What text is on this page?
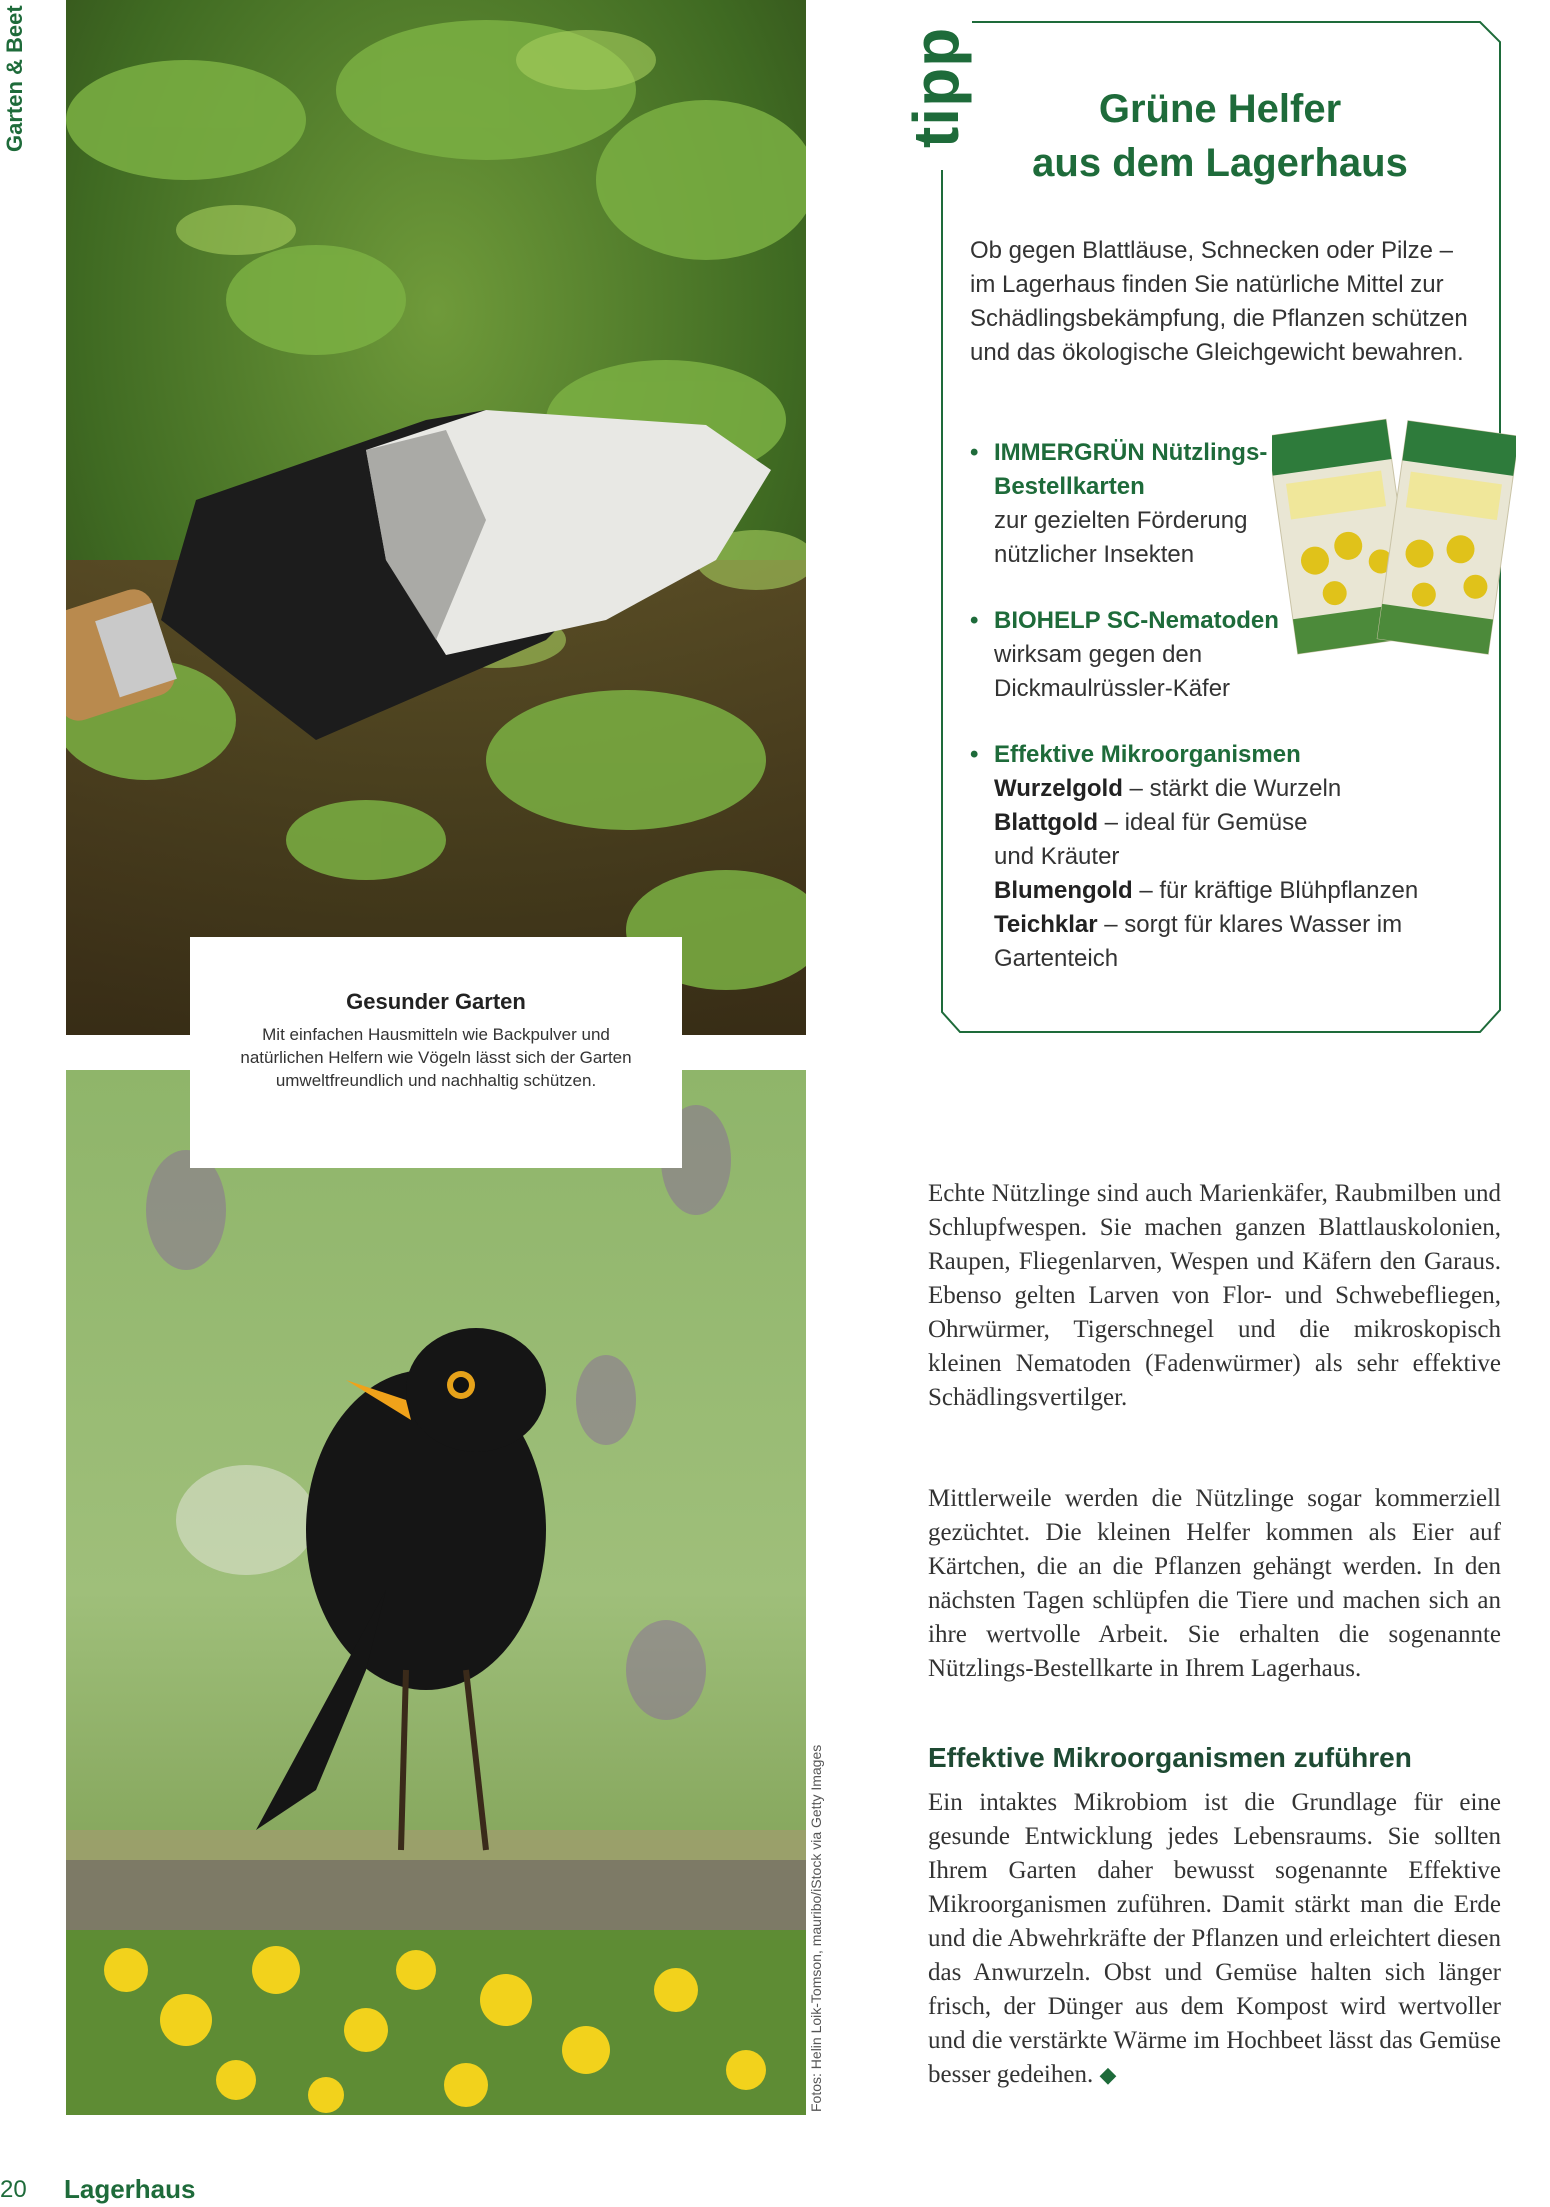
Garten & Beet
Gesunder Garten

Mit einfachen Hausmitteln wie Backpulver und natürlichen Helfern wie Vögeln lässt sich der Garten umweltfreundlich und nachhaltig schützen.

Fotos: Helin Loik-Tomson, mauribo/iStock via Getty Images
tipp	Grüne Helfer
aus dem Lagerhaus
Ob gegen Blattläuse, Schnecken oder Pilze – im Lagerhaus finden Sie natürliche Mittel zur Schädlingsbekämpfung, die Pflanzen schützen und das ökologische Gleichgewicht bewahren.
• IMMERGRÜN Nützlings-Bestellkarten
zur gezielten Förderung nützlicher Insekten
• BIOHELP SC-Nematoden
wirksam gegen den Dickmaulrüssler-Käfer
• Effektive Mikroorganismen
Wurzelgold – stärkt die Wurzeln
Blattgold – ideal für Gemüse und Kräuter
Blumengold – für kräftige Blühpflanzen
Teichklar – sorgt für klares Wasser im Gartenteich

Echte Nützlinge sind auch Marienkäfer, Raubmilben und Schlupfwespen. Sie machen ganzen Blattlauskolonien, Raupen, Fliegenlarven, Wespen und Käfern den Garaus. Ebenso gelten Larven von Flor- und Schwebefliegen, Ohrwürmer, Tigerschnegel und die mikroskopisch kleinen Nematoden (Fadenwürmer) als sehr effektive Schädlingsvertilger.

Mittlerweile werden die Nützlinge sogar kommerziell gezüchtet. Die kleinen Helfer kommen als Eier auf Kärtchen, die an die Pflanzen gehängt werden. In den nächsten Tagen schlüpfen die Tiere und machen sich an ihre wertvolle Arbeit. Sie erhalten die sogenannte Nützlings-Bestellkarte in Ihrem Lagerhaus.

Effektive Mikroorganismen zuführen

Ein intaktes Mikrobiom ist die Grundlage für eine gesunde Entwicklung jedes Lebensraums. Sie sollten Ihrem Garten daher bewusst sogenannte Effektive Mikroorganismen zuführen. Damit stärkt man die Erde und die Abwehrkräfte der Pflanzen und erleichtert diesen das Anwurzeln. Obst und Gemüse halten sich länger frisch, der Dünger aus dem Kompost wird wertvoller und die verstärkte Wärme im Hochbeet lässt das Gemüse besser gedeihen. ◆

20 Lagerhaus
